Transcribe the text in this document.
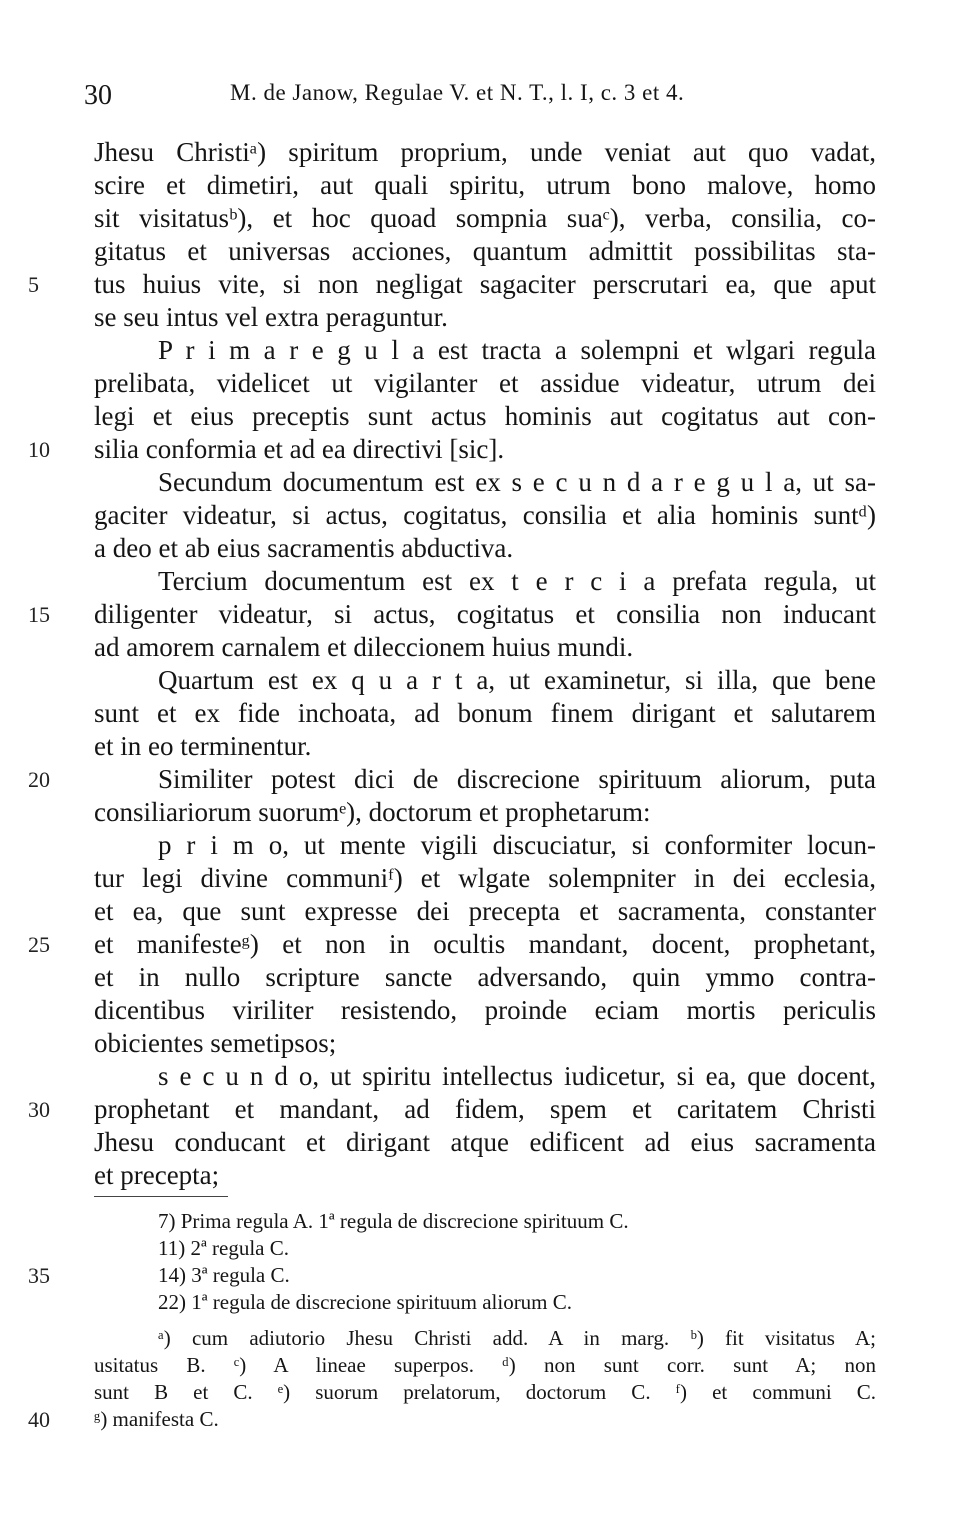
30	M. de Janow, Regulae V. et N. T., l. I, c. 3 et 4.
Jhesu Christiᵃ) spiritum proprium, unde veniat aut quo vadat,
scire et dimetiri, aut quali spiritu, utrum bono malove, homo
sit visitatusᵇ), et hoc quoad sompnia suaᶜ), verba, consilia, co-
gitatus et universas acciones, quantum admittit possibilitas sta-
5	tus huius vite, si non negligat sagaciter perscrutari ea, que aput
se seu intus vel extra peraguntur.
P r i m a r e g u l a est tracta a solempni et wlgari regula
prelibata, videlicet ut vigilanter et assidue videatur, utrum dei
legi et eius preceptis sunt actus hominis aut cogitatus aut con-
10	silia conformia et ad ea directivi [sic].
Secundum documentum est ex s e c u n d a r e g u l a, ut sa-
gaciter videatur, si actus, cogitatus, consilia et alia hominis suntᵈ)
a deo et ab eius sacramentis abductiva.
Tercium documentum est ex t e r c i a prefata regula, ut
15	diligenter videatur, si actus, cogitatus et consilia non inducant
ad amorem carnalem et dileccionem huius mundi.
Quartum est ex q u a r t a, ut examinetur, si illa, que bene
sunt et ex fide inchoata, ad bonum finem dirigant et salutarem
et in eo terminentur.
20	Similiter potest dici de discrecione spirituum aliorum, puta
consiliariorum suorumᵉ), doctorum et prophetarum:
p r i m o, ut mente vigili discuciatur, si conformiter locun-
tur legi divine communiᶠ) et wlgate solempniter in dei ecclesia,
et ea, que sunt expresse dei precepta et sacramenta, constanter
25	et manifesteᵍ) et non in ocultis mandant, docent, prophetant,
et in nullo scripture sancte adversando, quin ymmo contra-
dicentibus viriliter resistendo, proinde eciam mortis periculis
obicientes semetipsos;
s e c u n d o, ut spiritu intellectus iudicetur, si ea, que docent,
30	prophetant et mandant, ad fidem, spem et caritatem Christi
Jhesu conducant et dirigant atque edificent ad eius sacramenta
et precepta;
7) Prima regula A. 1ª regula de discrecione spirituum C.
11) 2ª regula C.
35	14) 3ª regula C.
22) 1ª regula de discrecione spirituum aliorum C.
ᵃ) cum adiutorio Jhesu Christi add. A in marg. ᵇ) fit visitatus A;
usitatus B. ᶜ) A lineae superpos. ᵈ) non sunt corr. sunt A; non
sunt B et C. ᵉ) suorum prelatorum, doctorum C. ᶠ) et communi C.
40	ᵍ) manifesta C.
